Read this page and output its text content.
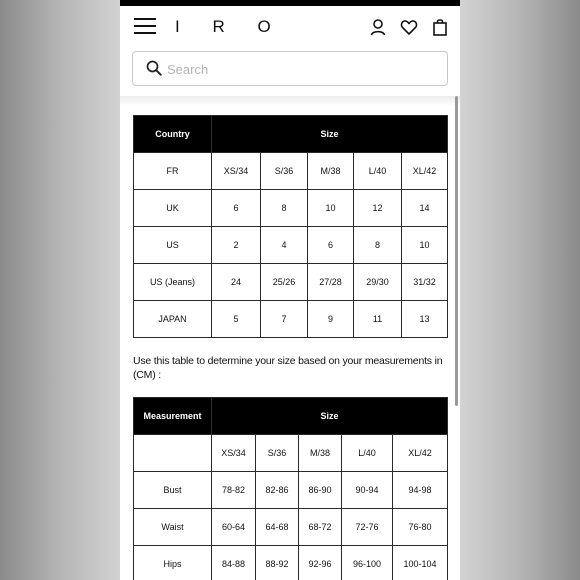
I R O
Search
Country	Size				
FR	XS/34	S/36	M/38	L/40	XL/42
UK	6	8	10	12	14
US	2	4	6	8	10
US (Jeans)	24	25/26	27/28	29/30	31/32
JAPAN	5	7	9	11	13

Use this table to determine your size based on your measurements in (CM) :

Measurement	Size				
	XS/34	S/36	M/38	L/40	XL/42
Bust	78-82	82-86	86-90	90-94	94-98
Waist	60-64	64-68	68-72	72-76	76-80
Hips	84-88	88-92	92-96	96-100	100-104
